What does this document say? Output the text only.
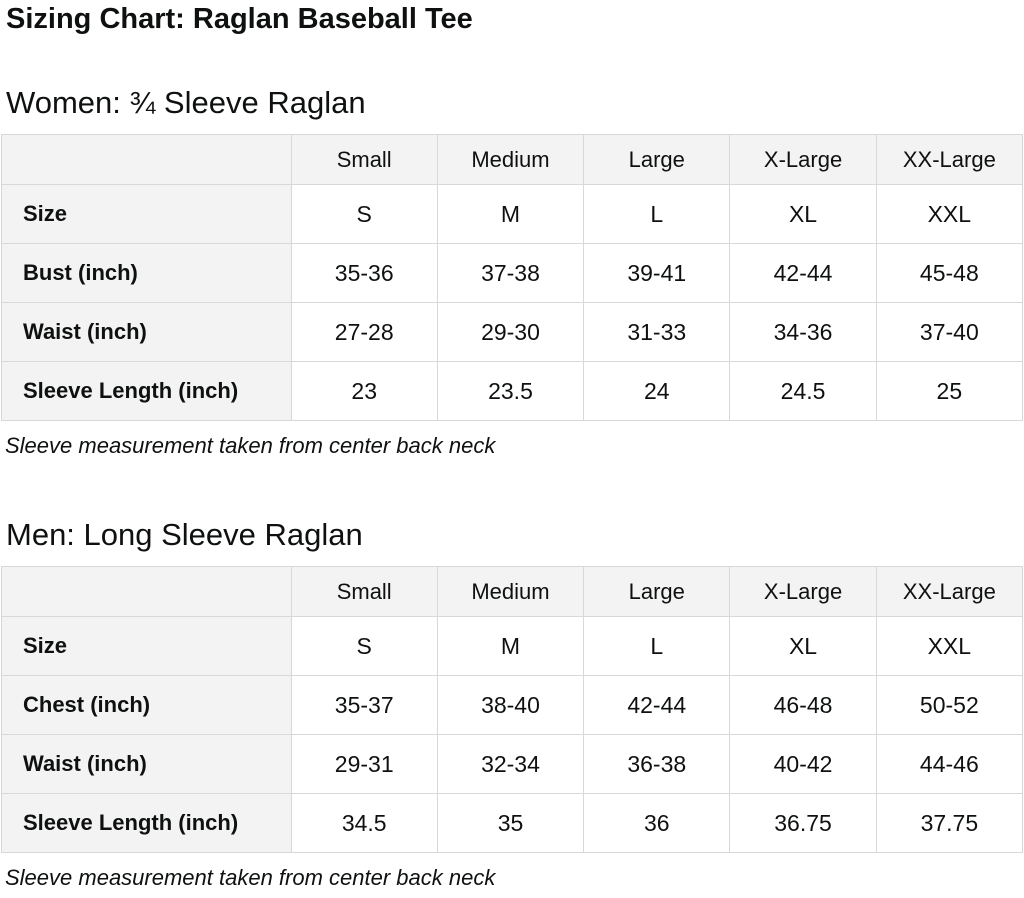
Sizing Chart: Raglan Baseball Tee
Women: ¾ Sleeve Raglan
	Small	Medium	Large	X-Large	XX-Large
Size	S	M	L	XL	XXL
Bust (inch)	35-36	37-38	39-41	42-44	45-48
Waist (inch)	27-28	29-30	31-33	34-36	37-40
Sleeve Length (inch)	23	23.5	24	24.5	25

Sleeve measurement taken from center back neck

Men: Long Sleeve Raglan
	Small	Medium	Large	X-Large	XX-Large
Size	S	M	L	XL	XXL
Chest (inch)	35-37	38-40	42-44	46-48	50-52
Waist (inch)	29-31	32-34	36-38	40-42	44-46
Sleeve Length (inch)	34.5	35	36	36.75	37.75

Sleeve measurement taken from center back neck
